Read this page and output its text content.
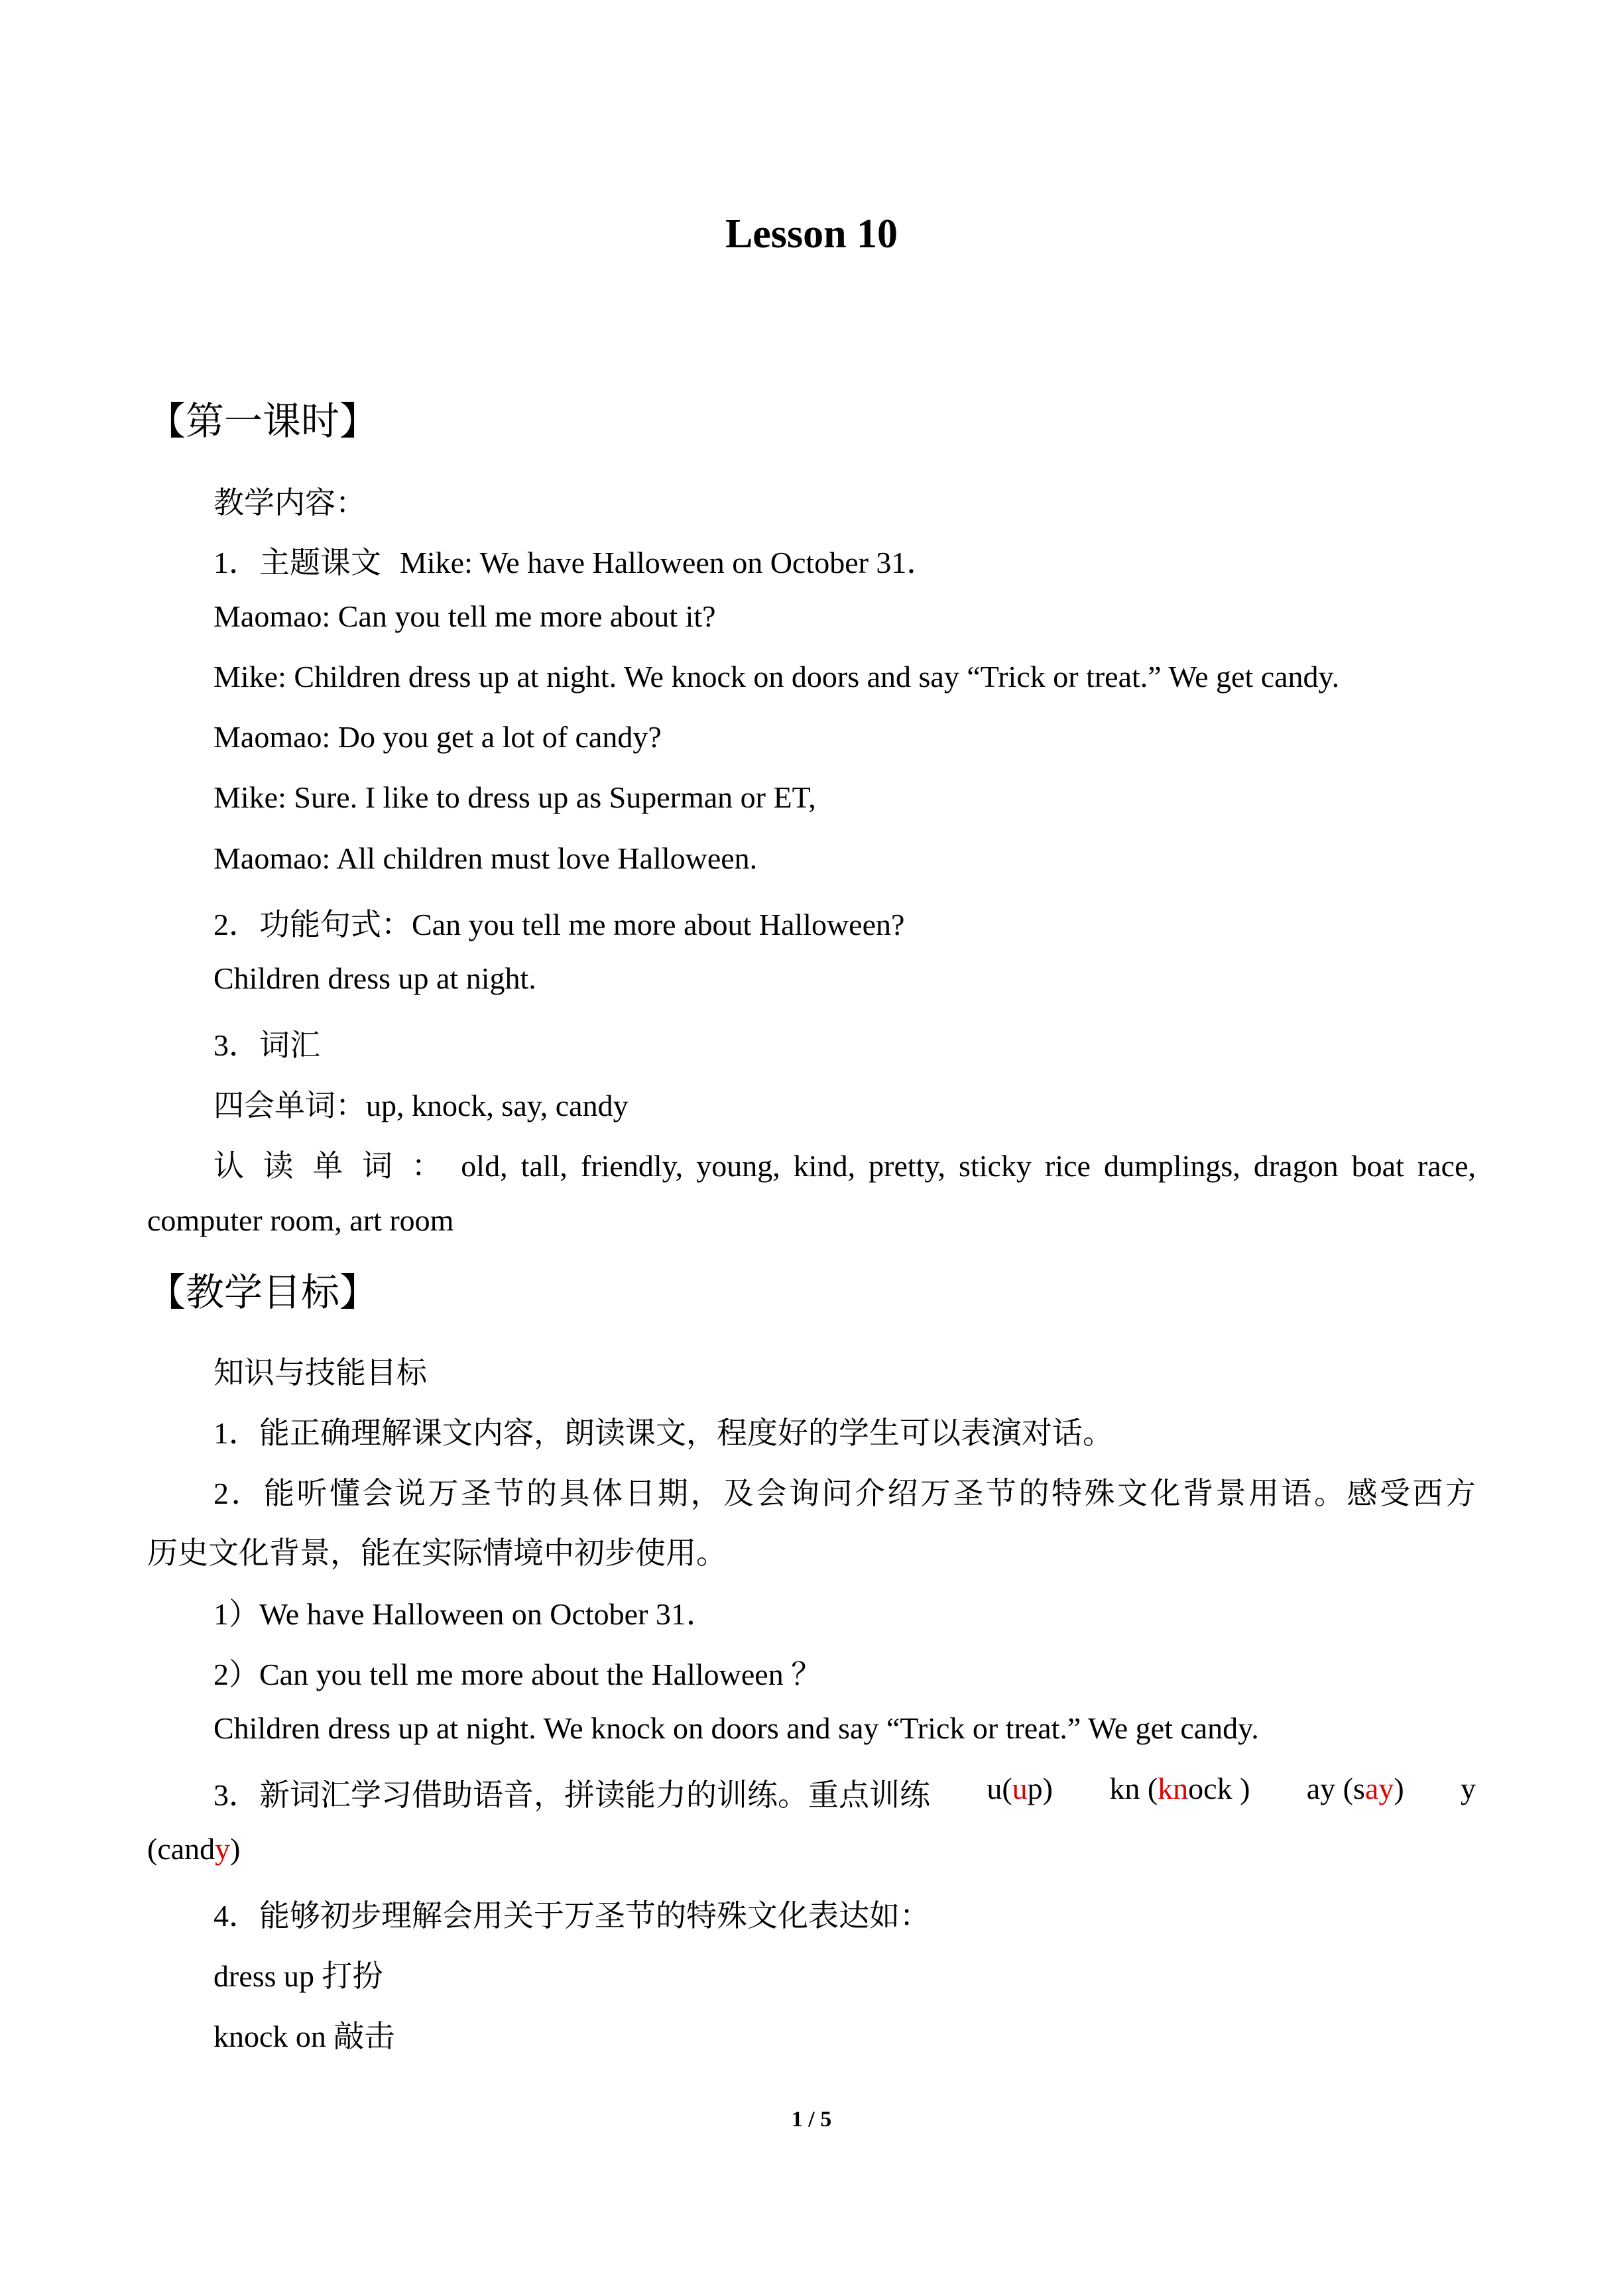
Lesson 10
【第一课时】
教学内容：
1．主题课文 Mike: We have Halloween on October 31．
Maomao: Can you tell me more about it?
Mike: Children dress up at night. We knock on doors and say “Trick or treat.” We get candy.
Maomao: Do you get a lot of candy?
Mike: Sure. I like to dress up as Superman or ET,
Maomao: All children must love Halloween.
2．功能句式：Can you tell me more about Halloween?
Children dress up at night.
3．词汇
四会单词：up, knock, say, candy
认 读 单 词 ： old, tall, friendly, young, kind, pretty, sticky rice dumplings, dragon boat race,
computer room, art room
【教学目标】
知识与技能目标
1．能正确理解课文内容，朗读课文，程度好的学生可以表演对话。
2．能听懂会说万圣节的具体日期，及会询问介绍万圣节的特殊文化背景用语。感受西方
历史文化背景，能在实际情境中初步使用。
1）We have Halloween on October 31．
2）Can you tell me more about the Halloween ？
Children dress up at night. We knock on doors and say “Trick or treat.” We get candy.
3．新词汇学习借助语音，拼读能力的训练。重点训练 u(up) kn (knock ) ay (say) y
(candy)
4．能够初步理解会用关于万圣节的特殊文化表达如：
dress up 打扮
knock on 敲击
1 / 5
